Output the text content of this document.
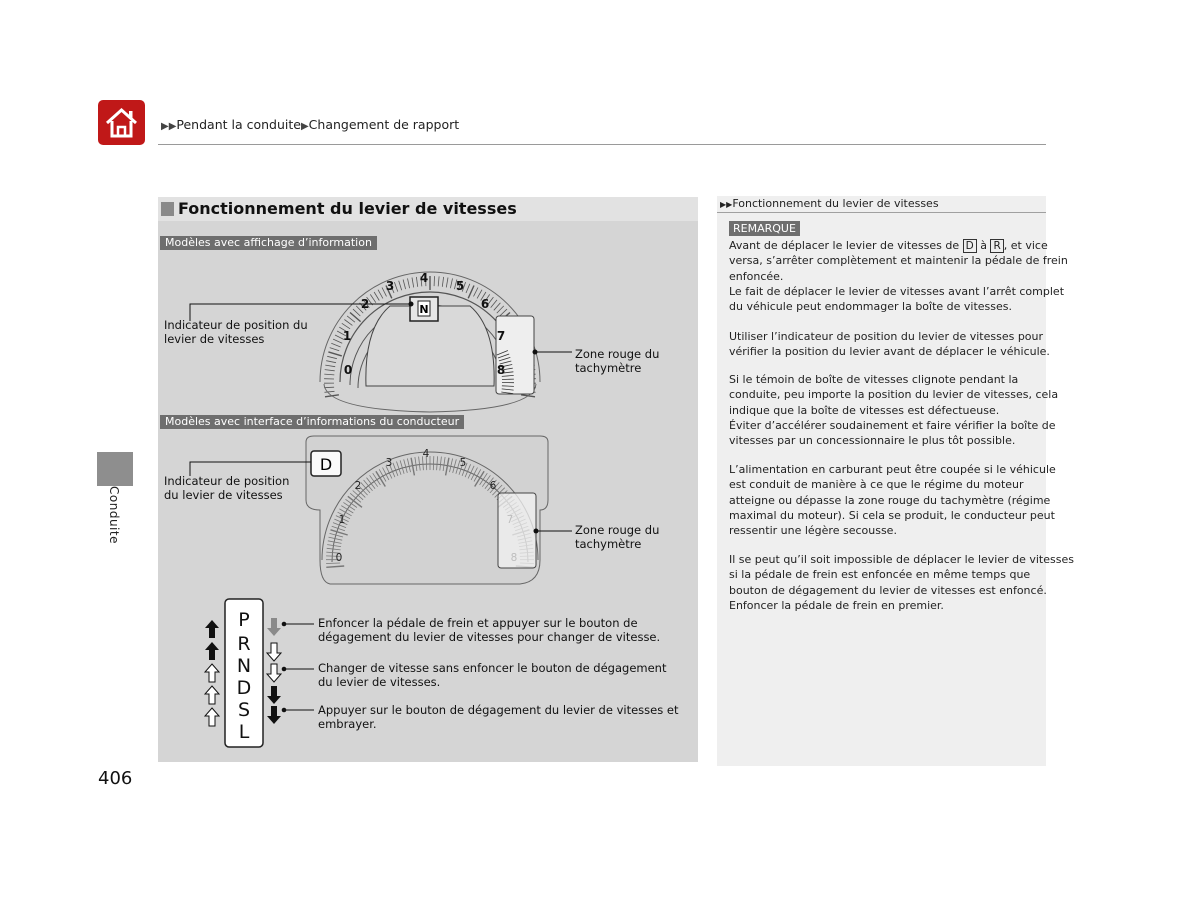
▶▶Pendant la conduite▶Changement de rapport
Conduite
406
Fonctionnement du levier de vitesses
Modèles avec affichage d’information
Modèles avec interface d’informations du conducteur
N
0
1
2
3
4
5
6
7
8
0
1
2
3
4
5
6
D
P
R
N
D
S
L
Indicateur de position du
levier de vitesses
Zone rouge du
tachymètre
Indicateur de position
du levier de vitesses
Zone rouge du
tachymètre
Enfoncer la pédale de frein et appuyer sur le bouton de
dégagement du levier de vitesses pour changer de vitesse.
Changer de vitesse sans enfoncer le bouton de dégagement
du levier de vitesses.
Appuyer sur le bouton de dégagement du levier de vitesses et
embrayer.
▶▶Fonctionnement du levier de vitesses
REMARQUE
Avant de déplacer le levier de vitesses de D à R , et vice
versa, s’arrêter complètement et maintenir la pédale de frein
enfoncée.
Le fait de déplacer le levier de vitesses avant l’arrêt complet
du véhicule peut endommager la boîte de vitesses.
Utiliser l’indicateur de position du levier de vitesses pour
vérifier la position du levier avant de déplacer le véhicule.
Si le témoin de boîte de vitesses clignote pendant la
conduite, peu importe la position du levier de vitesses, cela
indique que la boîte de vitesses est défectueuse.
Éviter d’accélérer soudainement et faire vérifier la boîte de
vitesses par un concessionnaire le plus tôt possible.
L’alimentation en carburant peut être coupée si le véhicule
est conduit de manière à ce que le régime du moteur
atteigne ou dépasse la zone rouge du tachymètre (régime
maximal du moteur). Si cela se produit, le conducteur peut
ressentir une légère secousse.
Il se peut qu’il soit impossible de déplacer le levier de vitesses
si la pédale de frein est enfoncée en même temps que
bouton de dégagement du levier de vitesses est enfoncé.
Enfoncer la pédale de frein en premier.
